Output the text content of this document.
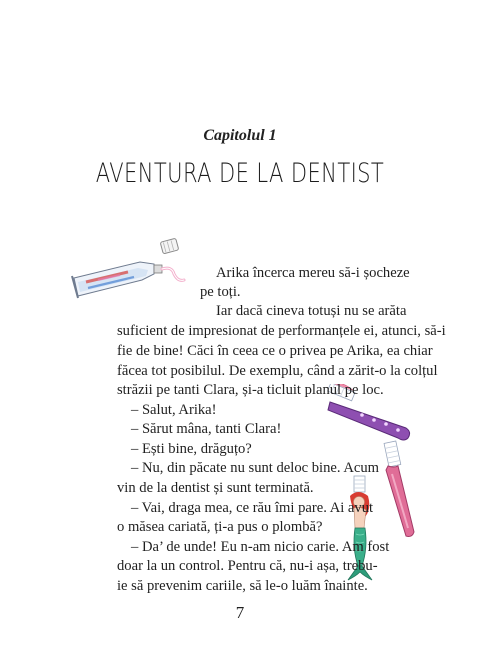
Capitolul 1
AVENTURA DE LA DENTIST
Arika încerca mereu să-i șocheze
pe toți.
Iar dacă cineva totuși nu se arăta
suficient de impresionat de performanțele ei, atunci, să-i
fie de bine! Căci în ceea ce o privea pe Arika, ea chiar
făcea tot posibilul. De exemplu, când a zărit-o la colțul
străzii pe tanti Clara, și-a ticluit planul pe loc.
– Salut, Arika!
– Sărut mâna, tanti Clara!
– Ești bine, drăguțo?
– Nu, din păcate nu sunt deloc bine. Acum
vin de la dentist și sunt terminată.
– Vai, draga mea, ce rău îmi pare. Ai avut
o măsea cariată, ți-a pus o plombă?
– Da’ de unde! Eu n-am nicio carie. Am fost
doar la un control. Pentru că, nu-i așa, trebu-
ie să prevenim cariile, să le-o luăm înainte.
7
